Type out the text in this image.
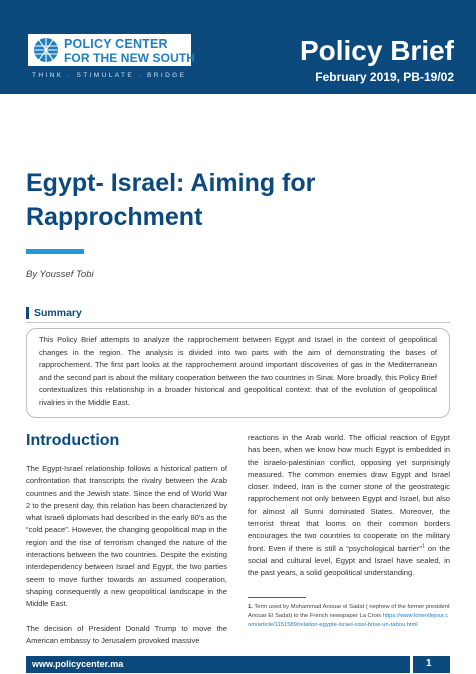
POLICY CENTER
FOR THE NEW SOUTH
THINK · STIMULATE · BRIDGE
Policy Brief
February 2019, PB-19/02
Egypt- Israel: Aiming for Rapprochment
By Youssef Tobi
Summary
This Policy Brief attempts to analyze the rapprochement between Egypt and Israel in the context of geopolitical changes in the region. The analysis is divided into two parts with the aim of demonstrating the bases of rapprochement. The first part looks at the rapprochement around important discoveries of gas in the Mediterranean and the second part is about the military cooperation between the two countries in Sinai. More broadly, this Policy Brief contextualizes this relationship in a broader historical and geopolitical context: that of the evolution of geopolitical rivalries in the Middle East.
Introduction

The Egypt-Israel relationship follows a historical pattern of confrontation that transcripts the rivalry between the Arab countries and the Jewish state. Since the end of World War 2 to the present day, this relation has been characterized by what Israeli diplomats had described in the early 80's as the “cold peace”. However, the changing geopolitical map in the region and the rise of terrorism changed the nature of the interactions between the two countries. Despite the existing interdependency between Israel and Egypt, the two parties seem to move further towards an assumed cooperation, shaping consequently a new geopolitical landscape in the Middle East.

The decision of President Donald Trump to move the American embassy to Jerusalem provoked massive

reactions in the Arab world. The official reaction of Egypt has been, when we know how much Egypt is embedded in the israelo-palestinian conflict, opposing yet surprisingly measured. The common enemies draw Egypt and Israel closer. Indeed, Iran is the corner stone of the geostrategic rapprochement not only between Egypt and Israel, but also for almost all Sunni dominated States. Moreover, the terrorist threat that looms on their common borders encourages the two countries to cooperate on the military front. Even if there is still a “psychological barrier”$^1$ on the social and cultural level, Egypt and Israel have sealed, in the past years, a solid geopolitical understanding.

1. Term used by Mohammad Anouar el Sadat ( nephew of the former president Anouar El Sadat) to the French newspaper La Croix https://www.lorientlejour.com/article/1151589/relation-egypte-israel-sissi-brise-un-tabou.html
www.policycenter.ma	1
